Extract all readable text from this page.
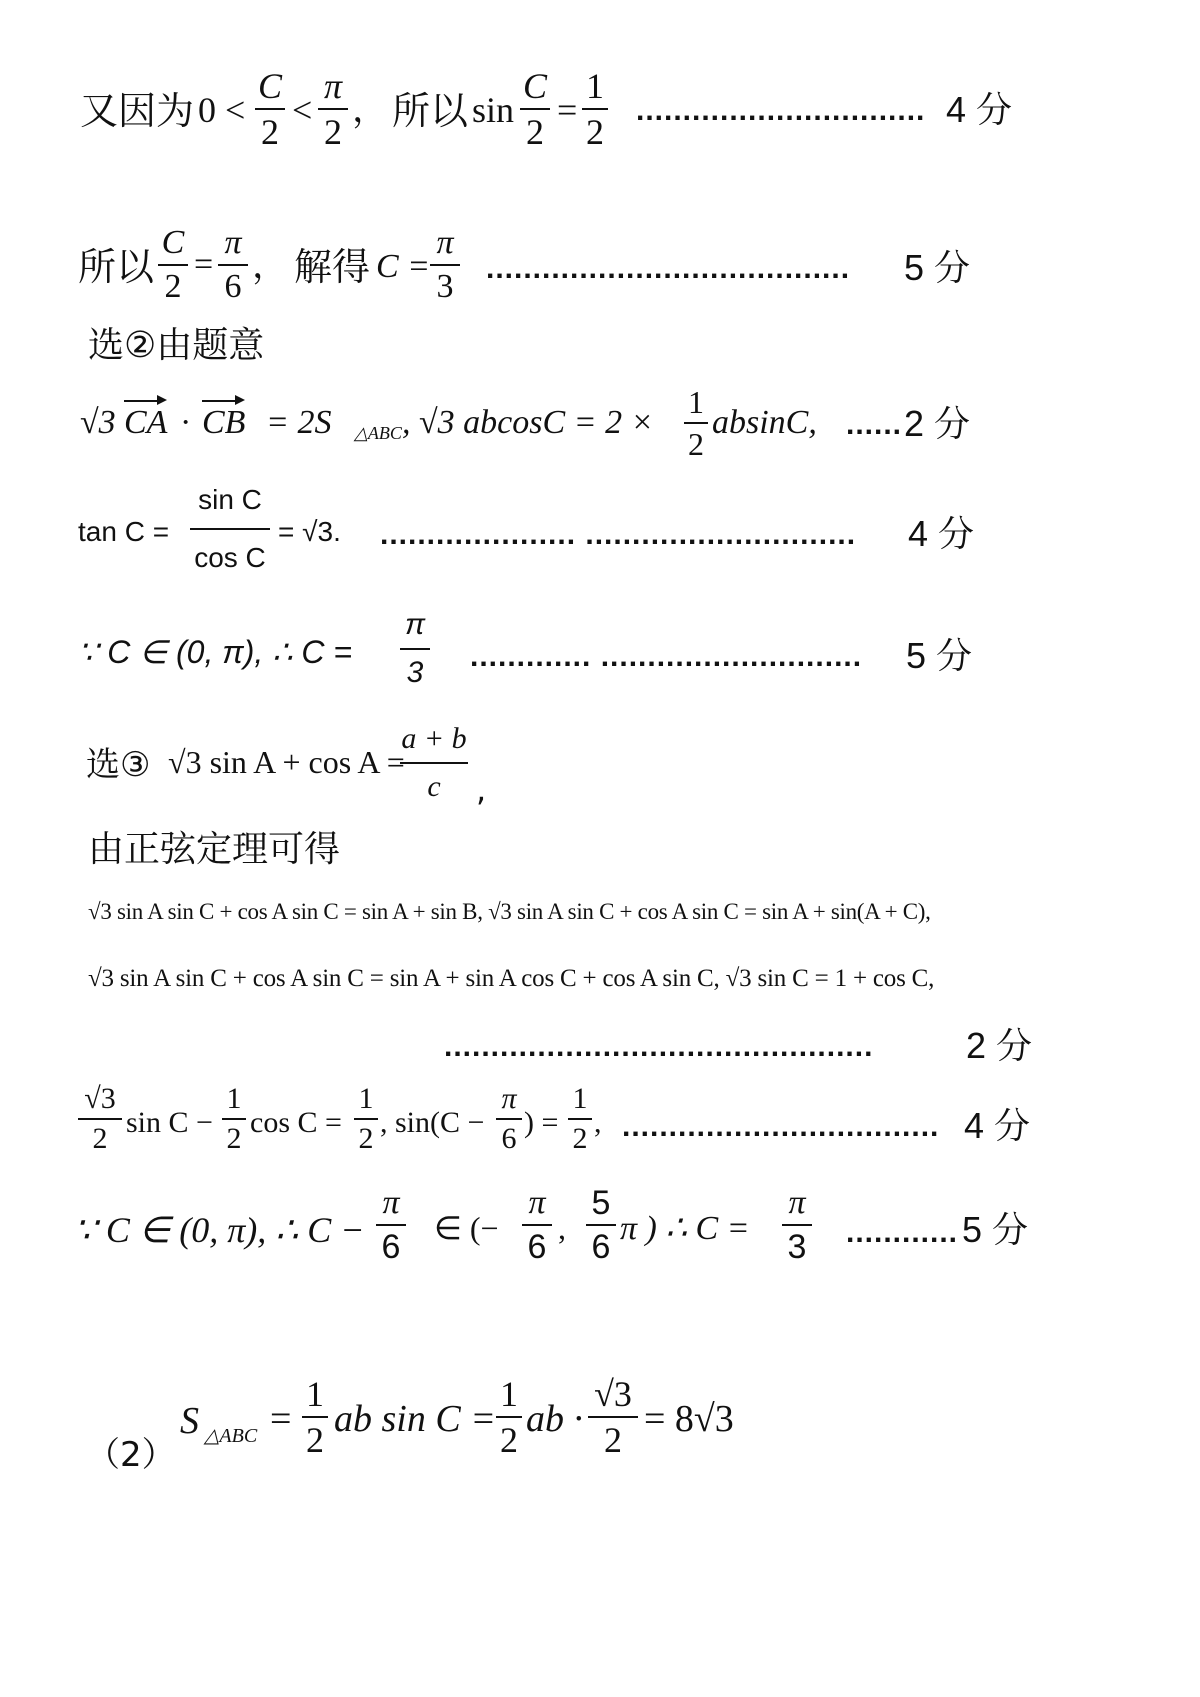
又因为 0 <
C
2
<
π
2
， 所以 sin
C
2
=
1
2
............................... 4 分
所以
C
2
=
π
6
， 解得 C =
π
3 ....................................... 5 分
选②由题意
√3 CA · CB = 2S △ABC , √3 abcosC = 2 ×
1
2
absinC, ...... 2 分
tan C =
sin C
cos C
= √3. ..................... ............................. 4 分
∵ C ∈ (0, π), ∴ C =
π
3 ............. ............................ 5 分
选③ √3 sin A + cos A =
a + b
c	,
由正弦定理可得
√3 sin A sin C + cos A sin C = sin A + sin B, √3 sin A sin C + cos A sin C = sin A + sin(A + C),
√3 sin A sin C + cos A sin C = sin A + sin A cos C + cos A sin C, √3 sin C = 1 + cos C,
..............................................	2 分
√3
2 sin C −
1
2 cos C =
1
2 , sin(C −
π
6 ) =
1
2 , .................................. 4 分
∵ C ∈ (0, π), ∴ C −
π
6 ∈ (−
π
6 ,
5
6 π ) ∴ C =
π
3 ............ 5 分
（2）
S △ABC =
1
2 ab sin C =
1
2 ab ·
√3
2 = 8√3
